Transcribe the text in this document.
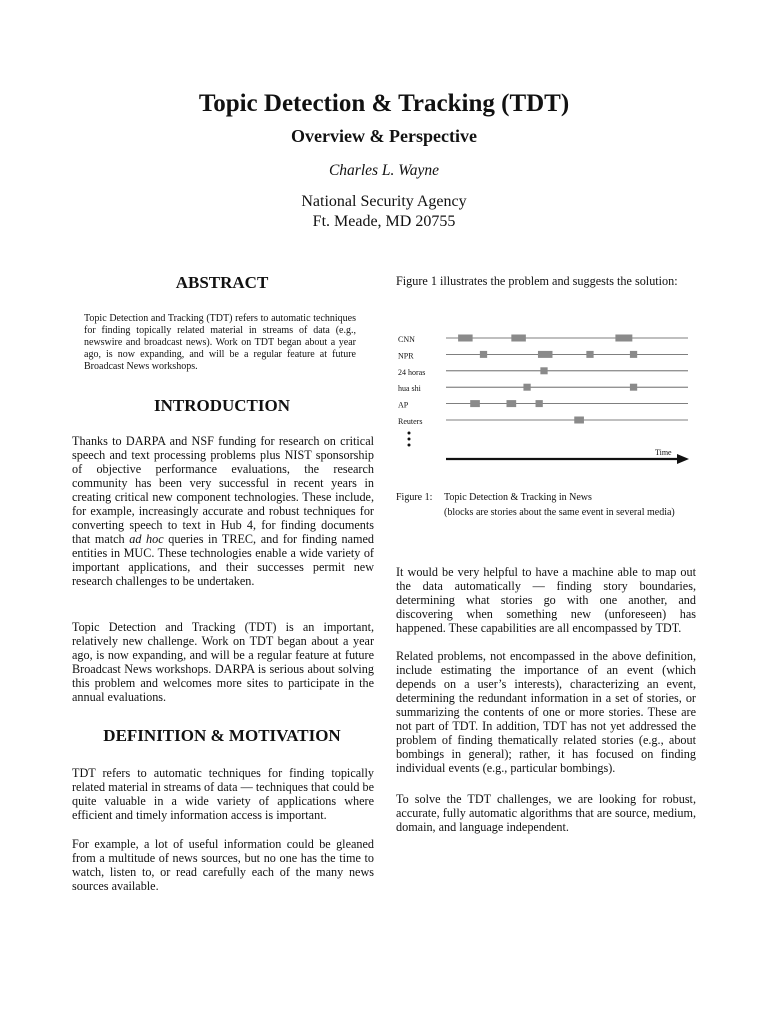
Topic Detection & Tracking (TDT)
Overview & Perspective
Charles L. Wayne
National Security Agency
Ft. Meade, MD 20755
ABSTRACT

Topic Detection and Tracking (TDT) refers to automatic techniques for finding topically related material in streams of data (e.g., newswire and broadcast news). Work on TDT began about a year ago, is now expanding, and will be a regular feature at future Broadcast News workshops.

INTRODUCTION

Thanks to DARPA and NSF funding for research on critical speech and text processing problems plus NIST sponsorship of objective performance evaluations, the research community has been very successful in recent years in creating critical new component technologies. These include, for example, increasingly accurate and robust techniques for converting speech to text in Hub 4, for finding documents that match ad hoc queries in TREC, and for finding named entities in MUC. These technologies enable a wide variety of important applications, and their successes permit new research challenges to be undertaken.

Topic Detection and Tracking (TDT) is an important, relatively new challenge. Work on TDT began about a year ago, is now expanding, and will be a regular feature at future Broadcast News workshops. DARPA is serious about solving this problem and welcomes more sites to participate in the annual evaluations.

DEFINITION & MOTIVATION

TDT refers to automatic techniques for finding topically related material in streams of data — techniques that could be quite valuable in a wide variety of applications where efficient and timely information access is important.

For example, a lot of useful information could be gleaned from a multitude of news sources, but no one has the time to watch, listen to, or read carefully each of the many news sources available.

Figure 1 illustrates the problem and suggests the solution:
CNN
NPR
24 horas
hua shi
AP
Reuters
Time
Figure 1: Topic Detection & Tracking in News
(blocks are stories about the same event in several media)

It would be very helpful to have a machine able to map out the data automatically — finding story boundaries, determining what stories go with one another, and discovering when something new (unforeseen) has happened. These capabilities are all encompassed by TDT.

Related problems, not encompassed in the above definition, include estimating the importance of an event (which depends on a user’s interests), characterizing an event, determining the redundant information in a set of stories, or summarizing the contents of one or more stories. These are not part of TDT. In addition, TDT has not yet addressed the problem of finding thematically related stories (e.g., about bombings in general); rather, it has focused on finding individual events (e.g., particular bombings).

To solve the TDT challenges, we are looking for robust, accurate, fully automatic algorithms that are source, medium, domain, and language independent.
